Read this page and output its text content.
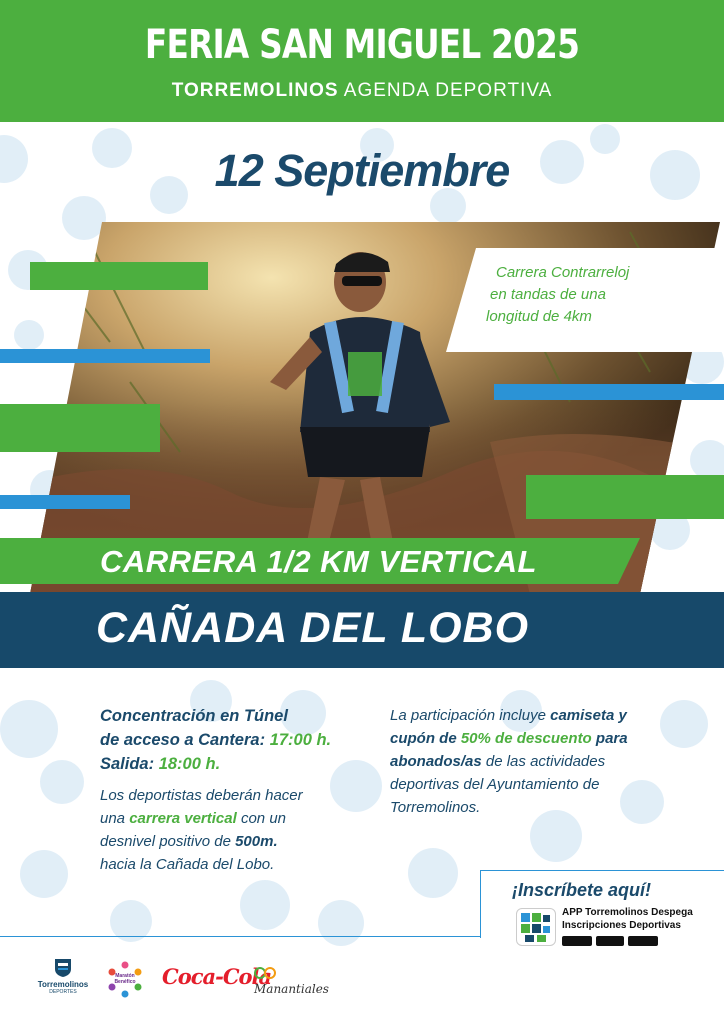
FERIA SAN MIGUEL 2025
TORREMOLINOS AGENDA DEPORTIVA
12 Septiembre
Carrera Contrarreloj
en tandas de una
longitud de 4km
CARRERA 1/2 KM VERTICAL
CAÑADA DEL LOBO
Concentración en Túnel
de acceso a Cantera: 17:00 h.
Salida: 18:00 h.
Los deportistas deberán hacer
una carrera vertical con un
desnivel positivo de 500m.
hacia la Cañada del Lobo.
La participación incluye camiseta y
cupón de 50% de descuento para
abonados/as de las actividades
deportivas del Ayuntamiento de
Torremolinos.
¡Inscríbete aquí!
APP Torremolinos Despega
Inscripciones Deportivas
Torremolinos
DEPORTES
Maratón Benéfico	Coca-Cola
Manantiales
